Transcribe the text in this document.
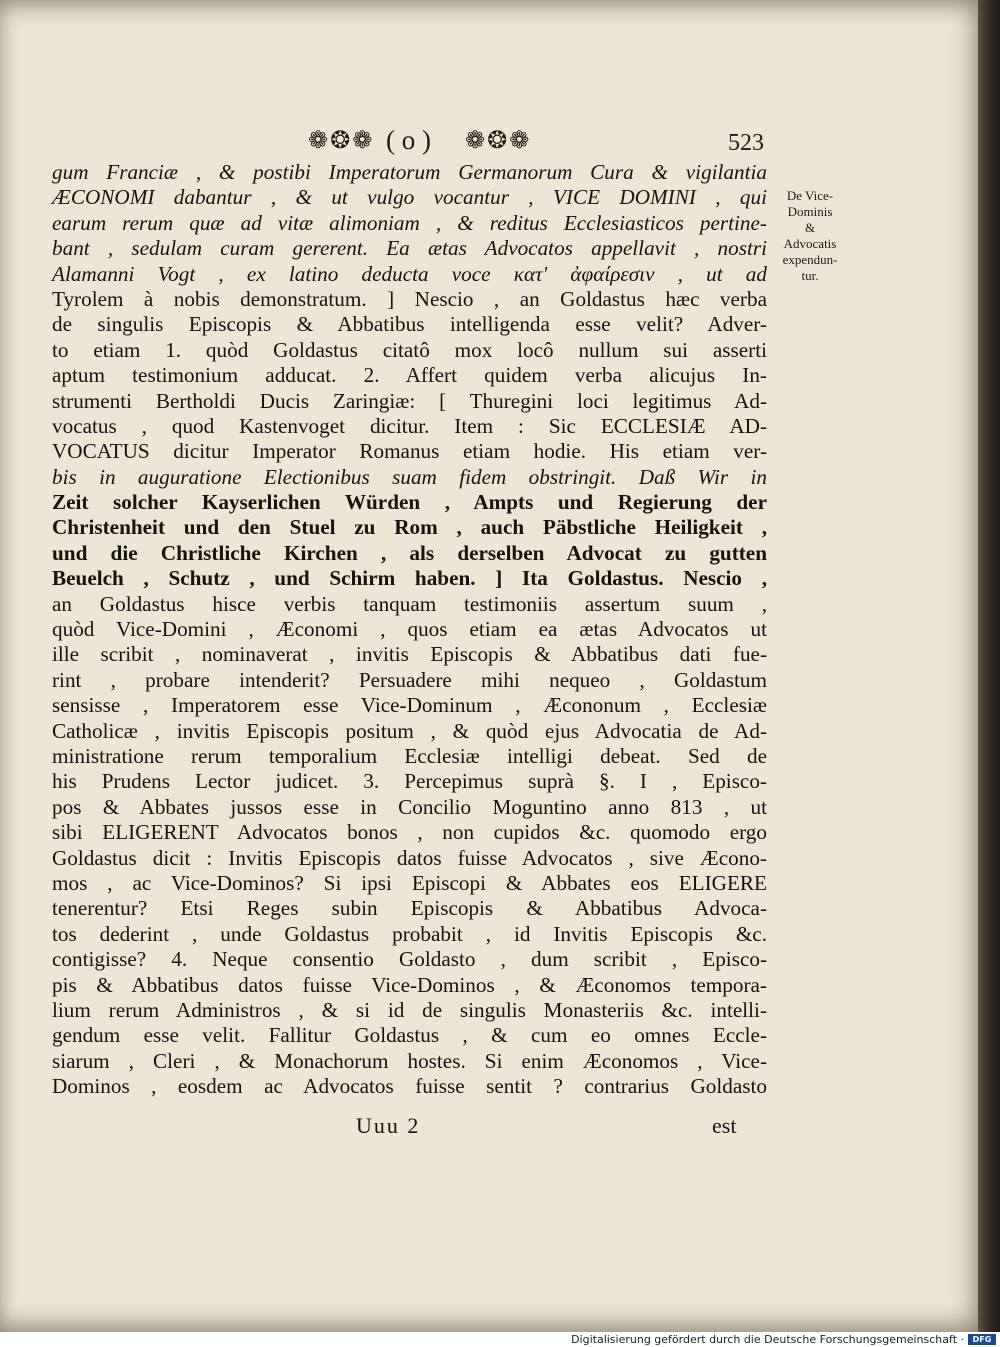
❁❂❁ ( o ) ❁❂❁	523
De Vice-
Dominis
&
Advocatis
expendun-
tur.
gum Franciæ , & postibi Imperatorum Germanorum Cura & vigilantia
ÆCONOMI dabantur , & ut vulgo vocantur , VICE DOMINI , qui
earum rerum quæ ad vitæ alimoniam , & reditus Ecclesiasticos pertine-
bant , sedulam curam gererent. Ea ætas Advocatos appellavit , nostri
Alamanni Vogt , ex latino deducta voce κατ' ἀφαίρεσιν , ut ad
Tyrolem à nobis demonstratum. ] Nescio , an Goldastus hæc verba
de singulis Episcopis & Abbatibus intelligenda esse velit? Adver-
to etiam 1. quòd Goldastus citatô mox locô nullum sui asserti
aptum testimonium adducat. 2. Affert quidem verba alicujus In-
strumenti Bertholdi Ducis Zaringiæ: [ Thuregini loci legitimus Ad-
vocatus , quod Kastenvoget dicitur. Item : Sic ECCLESIÆ AD-
VOCATUS dicitur Imperator Romanus etiam hodie. His etiam ver-
bis in auguratione Electionibus suam fidem obstringit. Daß Wir in
Zeit solcher Kayserlichen Würden , Ampts und Regierung der
Christenheit und den Stuel zu Rom , auch Päbstliche Heiligkeit ,
und die Christliche Kirchen , als derselben Advocat zu gutten
Beuelch , Schutz , und Schirm haben. ] Ita Goldastus. Nescio ,
an Goldastus hisce verbis tanquam testimoniis assertum suum ,
quòd Vice-Domini , Æconomi , quos etiam ea ætas Advocatos ut
ille scribit , nominaverat , invitis Episcopis & Abbatibus dati fue-
rint , probare intenderit? Persuadere mihi nequeo , Goldastum
sensisse , Imperatorem esse Vice-Dominum , Æcononum , Ecclesiæ
Catholicæ , invitis Episcopis positum , & quòd ejus Advocatia de Ad-
ministratione rerum temporalium Ecclesiæ intelligi debeat. Sed de
his Prudens Lector judicet. 3. Percepimus suprà §. I , Episco-
pos & Abbates jussos esse in Concilio Moguntino anno 813 , ut
sibi ELIGERENT Advocatos bonos , non cupidos &c. quomodo ergo
Goldastus dicit : Invitis Episcopis datos fuisse Advocatos , sive Æcono-
mos , ac Vice-Dominos? Si ipsi Episcopi & Abbates eos ELIGERE
tenerentur? Etsi Reges subin Episcopis & Abbatibus Advoca-
tos dederint , unde Goldastus probabit , id Invitis Episcopis &c.
contigisse? 4. Neque consentio Goldasto , dum scribit , Episco-
pis & Abbatibus datos fuisse Vice-Dominos , & Æconomos tempora-
lium rerum Administros , & si id de singulis Monasteriis &c. intelli-
gendum esse velit. Fallitur Goldastus , & cum eo omnes Eccle-
siarum , Cleri , & Monachorum hostes. Si enim Æconomos , Vice-
Dominos , eosdem ac Advocatos fuisse sentit ? contrarius Goldasto
Uuu 2	est
Digitalisierung gefördert durch die Deutsche Forschungsgemeinschaft ·	DFG
